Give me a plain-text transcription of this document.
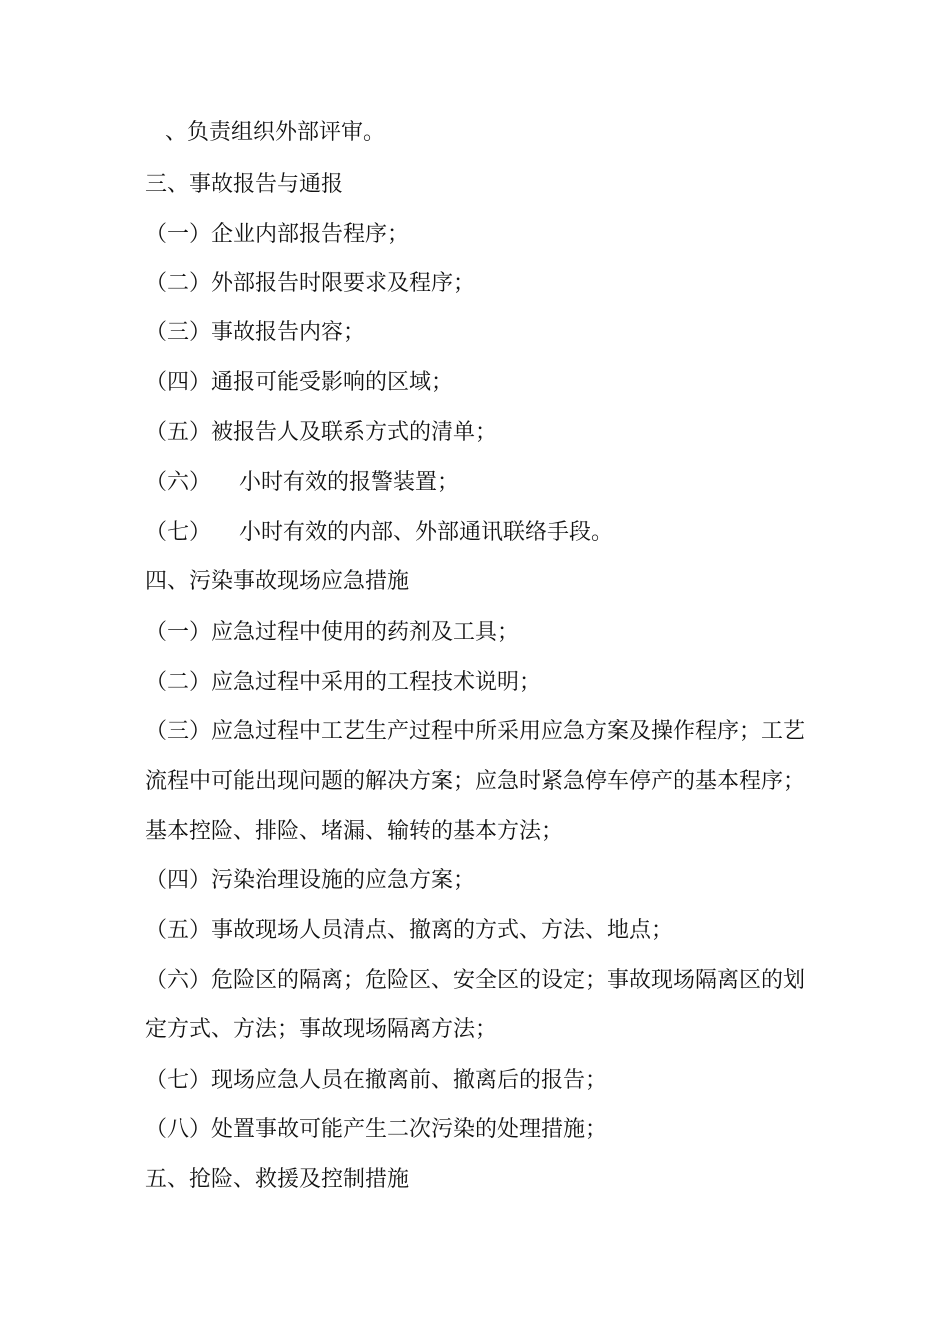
、负责组织外部评审。
三、事故报告与通报
（一）企业内部报告程序；
（二）外部报告时限要求及程序；
（三）事故报告内容；
（四）通报可能受影响的区域；
（五）被报告人及联系方式的清单；
（六） 小时有效的报警装置；
（七） 小时有效的内部、外部通讯联络手段。
四、污染事故现场应急措施
（一）应急过程中使用的药剂及工具；
（二）应急过程中采用的工程技术说明；
（三）应急过程中工艺生产过程中所采用应急方案及操作程序；工艺
流程中可能出现问题的解决方案；应急时紧急停车停产的基本程序；
基本控险、排险、堵漏、输转的基本方法；
（四）污染治理设施的应急方案；
（五）事故现场人员清点、撤离的方式、方法、地点；
（六）危险区的隔离；危险区、安全区的设定；事故现场隔离区的划
定方式、方法；事故现场隔离方法；
（七）现场应急人员在撤离前、撤离后的报告；
（八）处置事故可能产生二次污染的处理措施；
五、抢险、救援及控制措施
